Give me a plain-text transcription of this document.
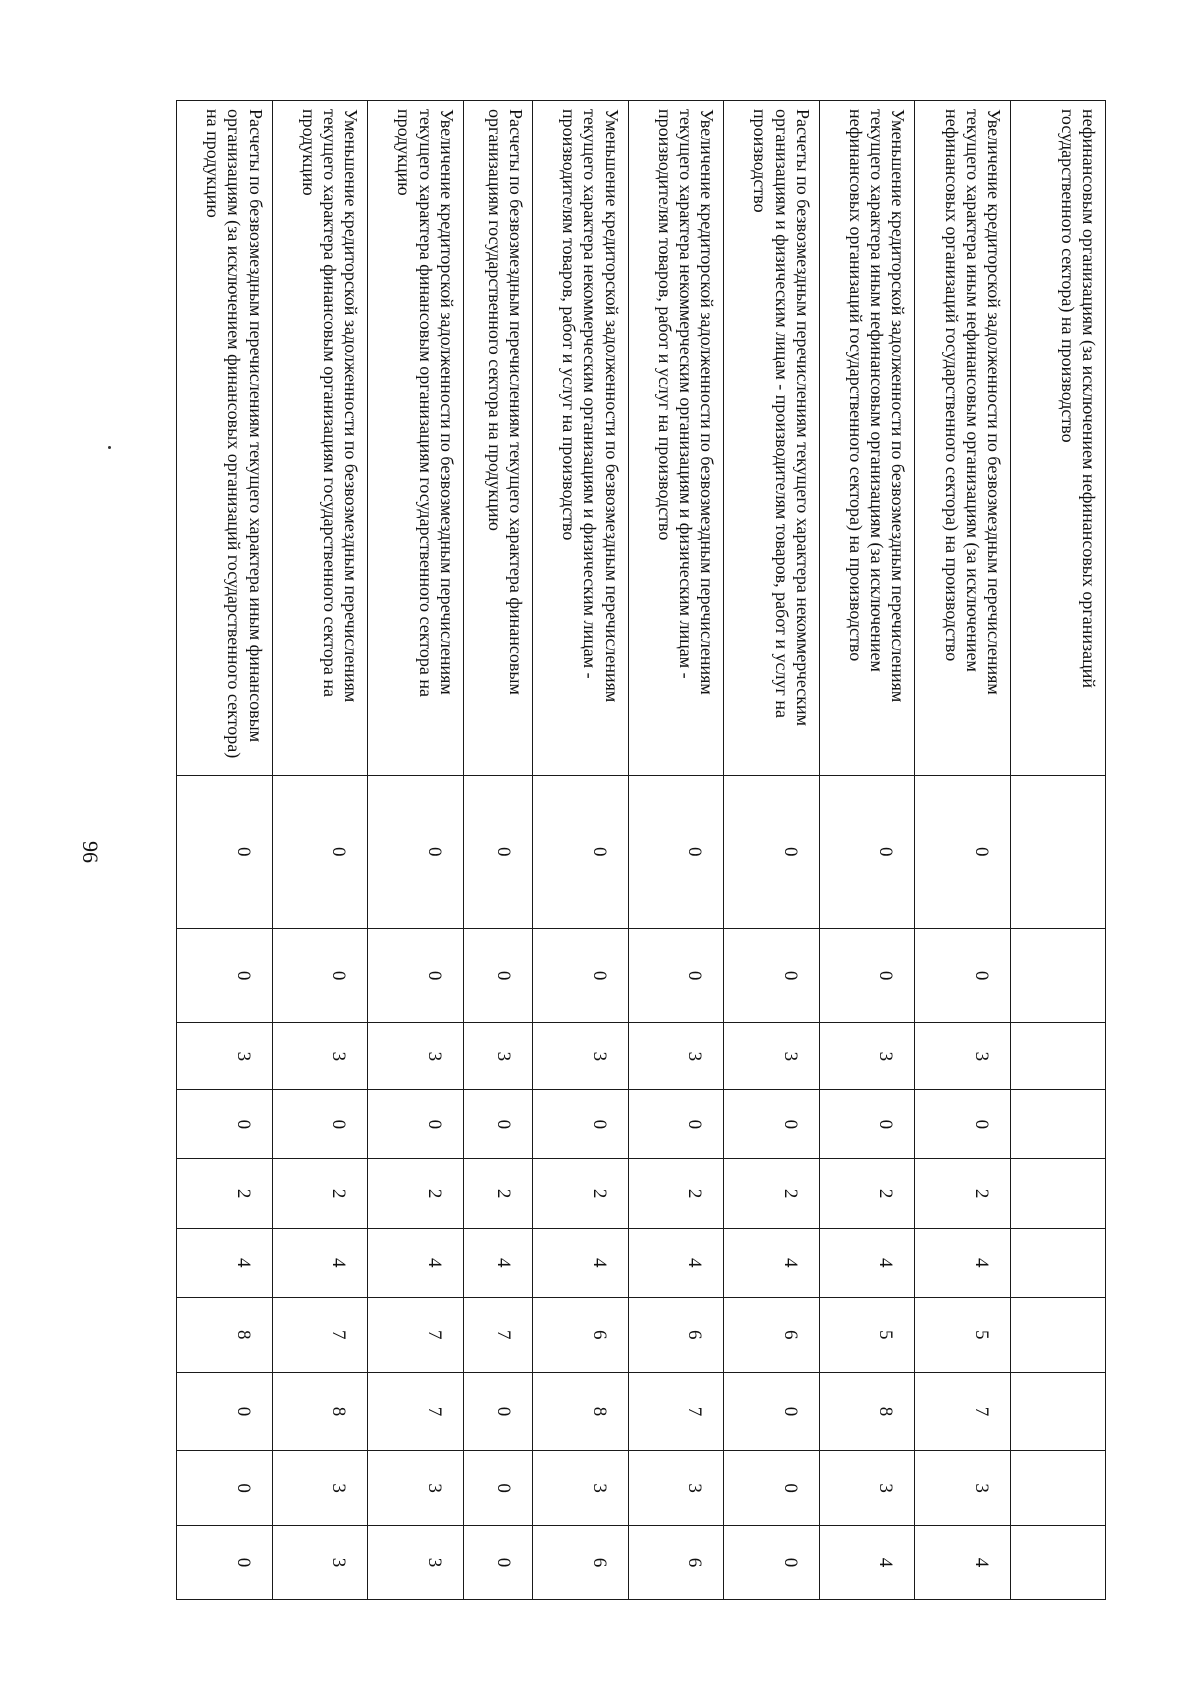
96
нефинансовым организациям (за исключением нефинансовых организаций государственного сектора) на производство										
Увеличение кредиторской задолженности по безвозмездным перечислениям текущего характера иным нефинансовым организациям (за исключением нефинансовых организаций государственного сектора) на производство	0	0	3	0	2	4	5	7	3	4
Уменьшение кредиторской задолженности по безвозмездным перечислениям текущего характера иным нефинансовым организациям (за исключением нефинансовых организаций государственного сектора) на производство	0	0	3	0	2	4	5	8	3	4
Расчеты по безвозмездным перечислениям текущего характера некоммерческим организациям и физическим лицам - производителям товаров, работ и услуг на производство	0	0	3	0	2	4	6	0	0	0
Увеличение кредиторской задолженности по безвозмездным перечислениям текущего характера некоммерческим организациям и физическим лицам - производителям товаров, работ и услуг на производство	0	0	3	0	2	4	6	7	3	6
Уменьшение кредиторской задолженности по безвозмездным перечислениям текущего характера некоммерческим организациям и физическим лицам - производителям товаров, работ и услуг на производство	0	0	3	0	2	4	6	8	3	6
Расчеты по безвозмездным перечислениям текущего характера финансовым организациям государственного сектора на продукцию	0	0	3	0	2	4	7	0	0	0
Увеличение кредиторской задолженности по безвозмездным перечислениям текущего характера финансовым организациям государственного сектора на продукцию	0	0	3	0	2	4	7	7	3	3
Уменьшение кредиторской задолженности по безвозмездным перечислениям текущего характера финансовым организациям государственного сектора на продукцию	0	0	3	0	2	4	7	8	3	3
Расчеты по безвозмездным перечислениям текущего характера иным финансовым организациям (за исключением финансовых организаций государственного сектора) на продукцию	0	0	3	0	2	4	8	0	0	0
